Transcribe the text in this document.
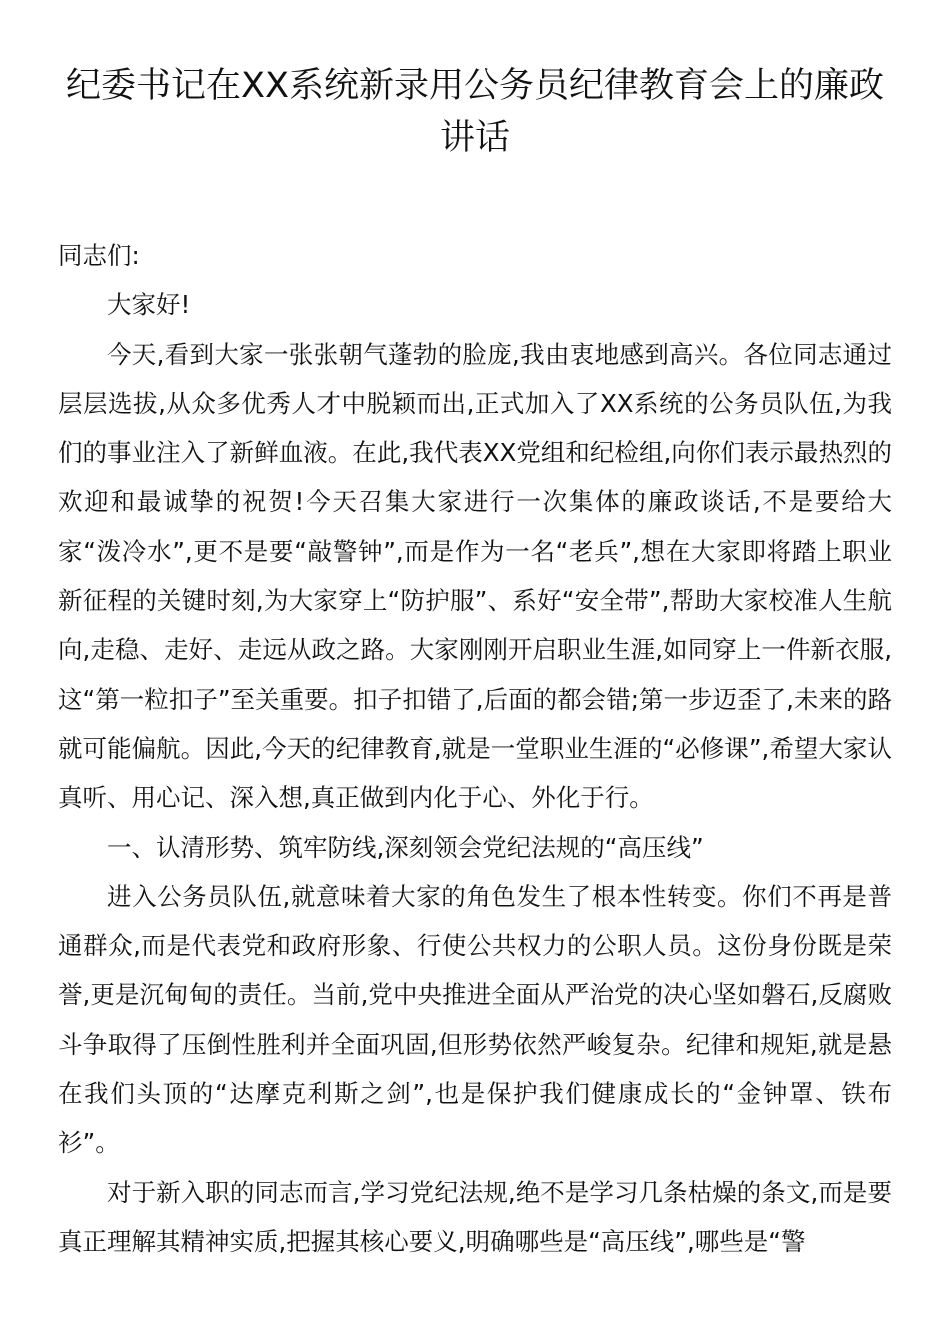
纪委书记在XX系统新录用公务员纪律教育会上的廉政
讲话

同志们:

大家好!

今天,看到大家一张张朝气蓬勃的脸庞,我由衷地感到高兴。各位同志通过层层选拔,从众多优秀人才中脱颖而出,正式加入了XX系统的公务员队伍,为我们的事业注入了新鲜血液。在此,我代表XX党组和纪检组,向你们表示最热烈的欢迎和最诚挚的祝贺!今天召集大家进行一次集体的廉政谈话,不是要给大家“泼冷水”,更不是要“敲警钟”,而是作为一名“老兵”,想在大家即将踏上职业新征程的关键时刻,为大家穿上“防护服”、系好“安全带”,帮助大家校准人生航向,走稳、走好、走远从政之路。大家刚刚开启职业生涯,如同穿上一件新衣服,这“第一粒扣子”至关重要。扣子扣错了,后面的都会错;第一步迈歪了,未来的路就可能偏航。因此,今天的纪律教育,就是一堂职业生涯的“必修课”,希望大家认真听、用心记、深入想,真正做到内化于心、外化于行。

一、认清形势、筑牢防线,深刻领会党纪法规的“高压线”

进入公务员队伍,就意味着大家的角色发生了根本性转变。你们不再是普通群众,而是代表党和政府形象、行使公共权力的公职人员。这份身份既是荣誉,更是沉甸甸的责任。当前,党中央推进全面从严治党的决心坚如磐石,反腐败斗争取得了压倒性胜利并全面巩固,但形势依然严峻复杂。纪律和规矩,就是悬在我们头顶的“达摩克利斯之剑”,也是保护我们健康成长的“金钟罩、铁布衫”。

对于新入职的同志而言,学习党纪法规,绝不是学习几条枯燥的条文,而是要真正理解其精神实质,把握其核心要义,明确哪些是“高压线”,哪些是“警
